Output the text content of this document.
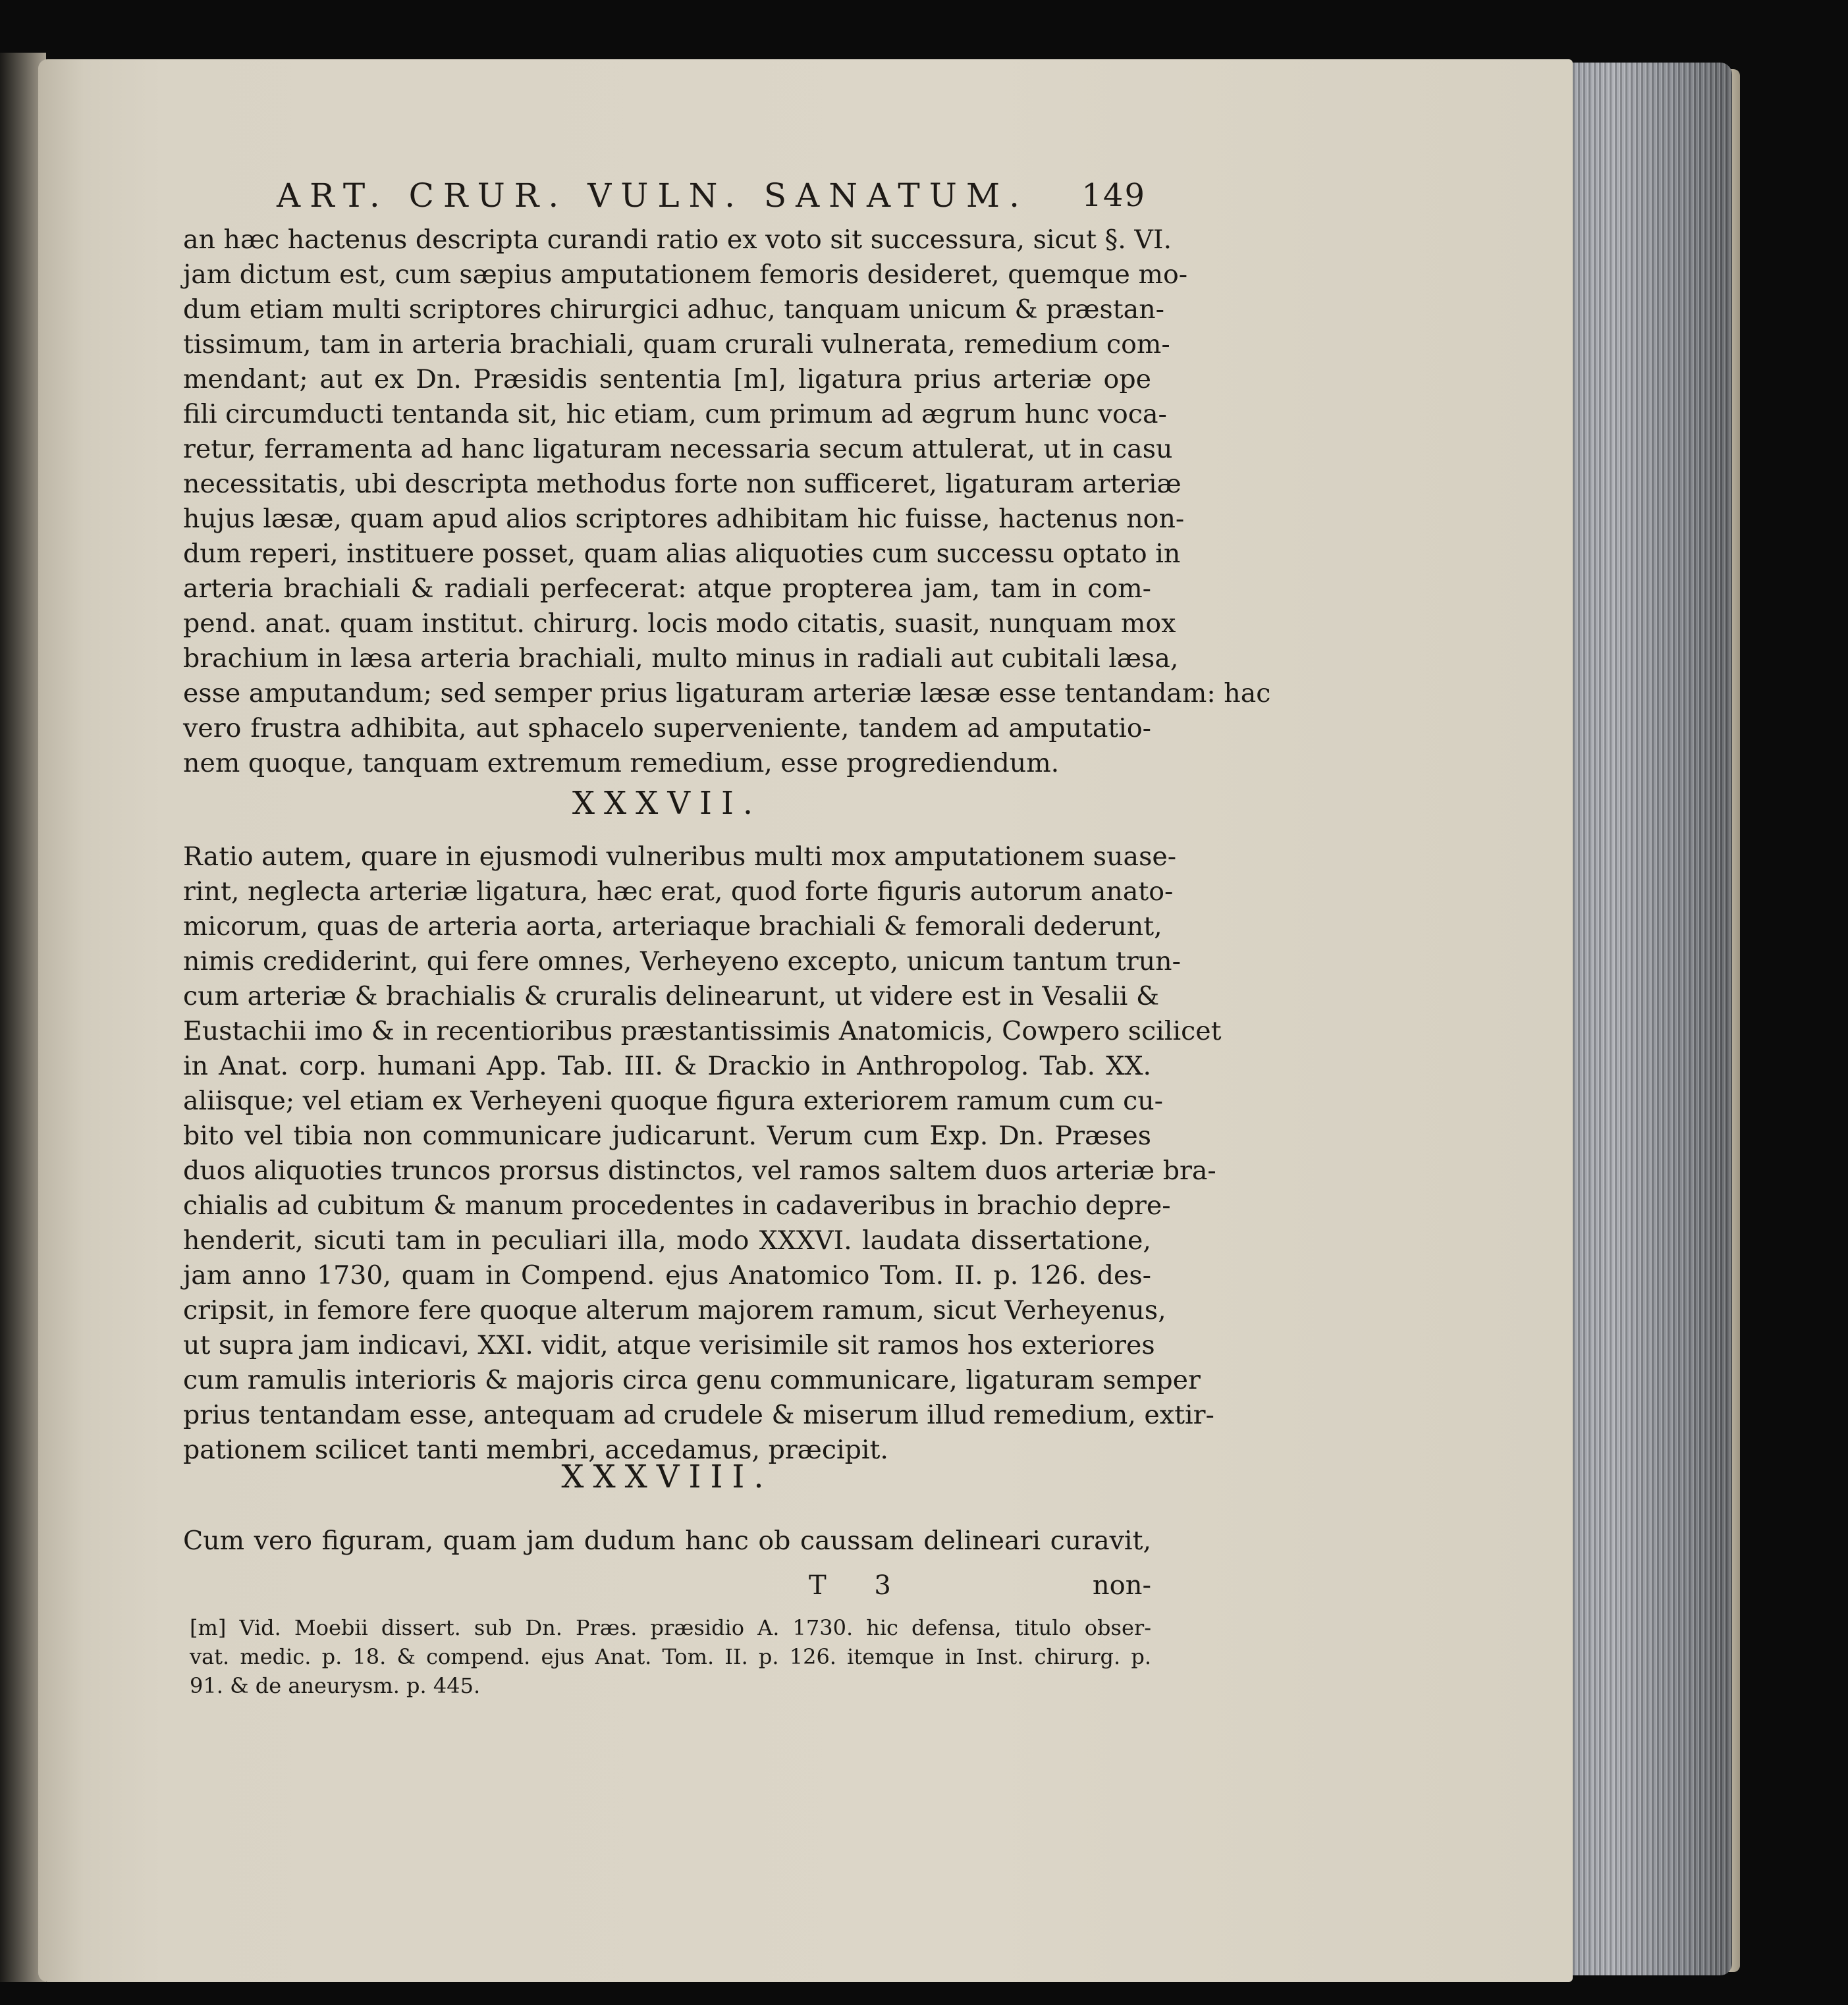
ART. CRUR. VULN. SANATUM. 149
an hæc hactenus descripta curandi ratio ex voto sit successura, sicut §. VI.
jam dictum est, cum sæpius amputationem femoris desideret, quemque mo-
dum etiam multi scriptores chirurgici adhuc, tanquam unicum & præstan-
tissimum, tam in arteria brachiali, quam crurali vulnerata, remedium com-
mendant; aut ex Dn. Præsidis sententia [m], ligatura prius arteriæ ope
fili circumducti tentanda sit, hic etiam, cum primum ad ægrum hunc voca-
retur, ferramenta ad hanc ligaturam necessaria secum attulerat, ut in casu
necessitatis, ubi descripta methodus forte non sufficeret, ligaturam arteriæ
hujus læsæ, quam apud alios scriptores adhibitam hic fuisse, hactenus non-
dum reperi, instituere posset, quam alias aliquoties cum successu optato in
arteria brachiali & radiali perfecerat: atque propterea jam, tam in com-
pend. anat. quam institut. chirurg. locis modo citatis, suasit, nunquam mox
brachium in læsa arteria brachiali, multo minus in radiali aut cubitali læsa,
esse amputandum; sed semper prius ligaturam arteriæ læsæ esse tentandam: hac
vero frustra adhibita, aut sphacelo superveniente, tandem ad amputatio-
nem quoque, tanquam extremum remedium, esse progrediendum.
XXXVII.
Ratio autem, quare in ejusmodi vulneribus multi mox amputationem suase-
rint, neglecta arteriæ ligatura, hæc erat, quod forte figuris autorum anato-
micorum, quas de arteria aorta, arteriaque brachiali & femorali dederunt,
nimis crediderint, qui fere omnes, Verheyeno excepto, unicum tantum trun-
cum arteriæ & brachialis & cruralis delinearunt, ut videre est in Vesalii &
Eustachii imo & in recentioribus præstantissimis Anatomicis, Cowpero scilicet
in Anat. corp. humani App. Tab. III. & Drackio in Anthropolog. Tab. XX.
aliisque; vel etiam ex Verheyeni quoque figura exteriorem ramum cum cu-
bito vel tibia non communicare judicarunt. Verum cum Exp. Dn. Præses
duos aliquoties truncos prorsus distinctos, vel ramos saltem duos arteriæ bra-
chialis ad cubitum & manum procedentes in cadaveribus in brachio depre-
henderit, sicuti tam in peculiari illa, modo XXXVI. laudata dissertatione,
jam anno 1730, quam in Compend. ejus Anatomico Tom. II. p. 126. des-
cripsit, in femore fere quoque alterum majorem ramum, sicut Verheyenus,
ut supra jam indicavi, XXI. vidit, atque verisimile sit ramos hos exteriores
cum ramulis interioris & majoris circa genu communicare, ligaturam semper
prius tentandam esse, antequam ad crudele & miserum illud remedium, extir-
pationem scilicet tanti membri, accedamus, præcipit.
XXXVIII.
Cum vero figuram, quam jam dudum hanc ob caussam delineari curavit,
T 3	non-
[m] Vid. Moebii dissert. sub Dn. Præs. præsidio A. 1730. hic defensa, titulo obser-
vat. medic. p. 18. & compend. ejus Anat. Tom. II. p. 126. itemque in Inst. chirurg. p.
91. & de aneurysm. p. 445.
